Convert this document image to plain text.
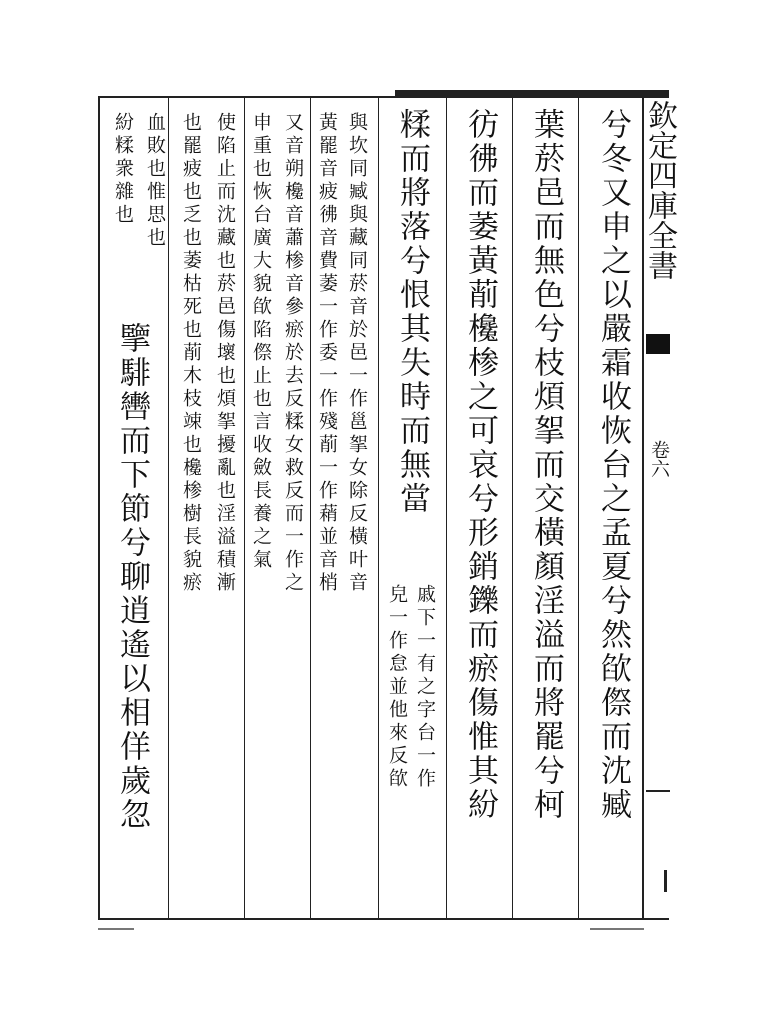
欽定四庫全書
卷六
兮冬又申之以嚴霜收恢台之孟夏兮然欿傺而沈臧
葉菸邑而無色兮枝煩挐而交橫顏淫溢而將罷兮柯
彷彿而萎黃萷欃椮之可哀兮形銷鑠而瘀傷惟其紛
糅而將落兮恨其失時而無當
戚下一有之字台一作
皃一作怠並他來反欿
與坎同臧與藏同菸音於邑一作邕挐女除反橫叶音
黃罷音疲彿音費萎一作委一作殘萷一作蕱並音梢
又音朔欃音蕭椮音參瘀於去反糅女救反而一作之
申重也恢台廣大貌欿陷傺止也言收斂長養之氣
使陷止而沈藏也菸邑傷壞也煩挐擾亂也淫溢積漸
也罷疲也乏也萎枯死也萷木枝竦也欃椮樹長貌瘀
血敗也惟思也
紛糅衆雜也
擥騑轡而下節兮聊逍遙以相佯歲忽
